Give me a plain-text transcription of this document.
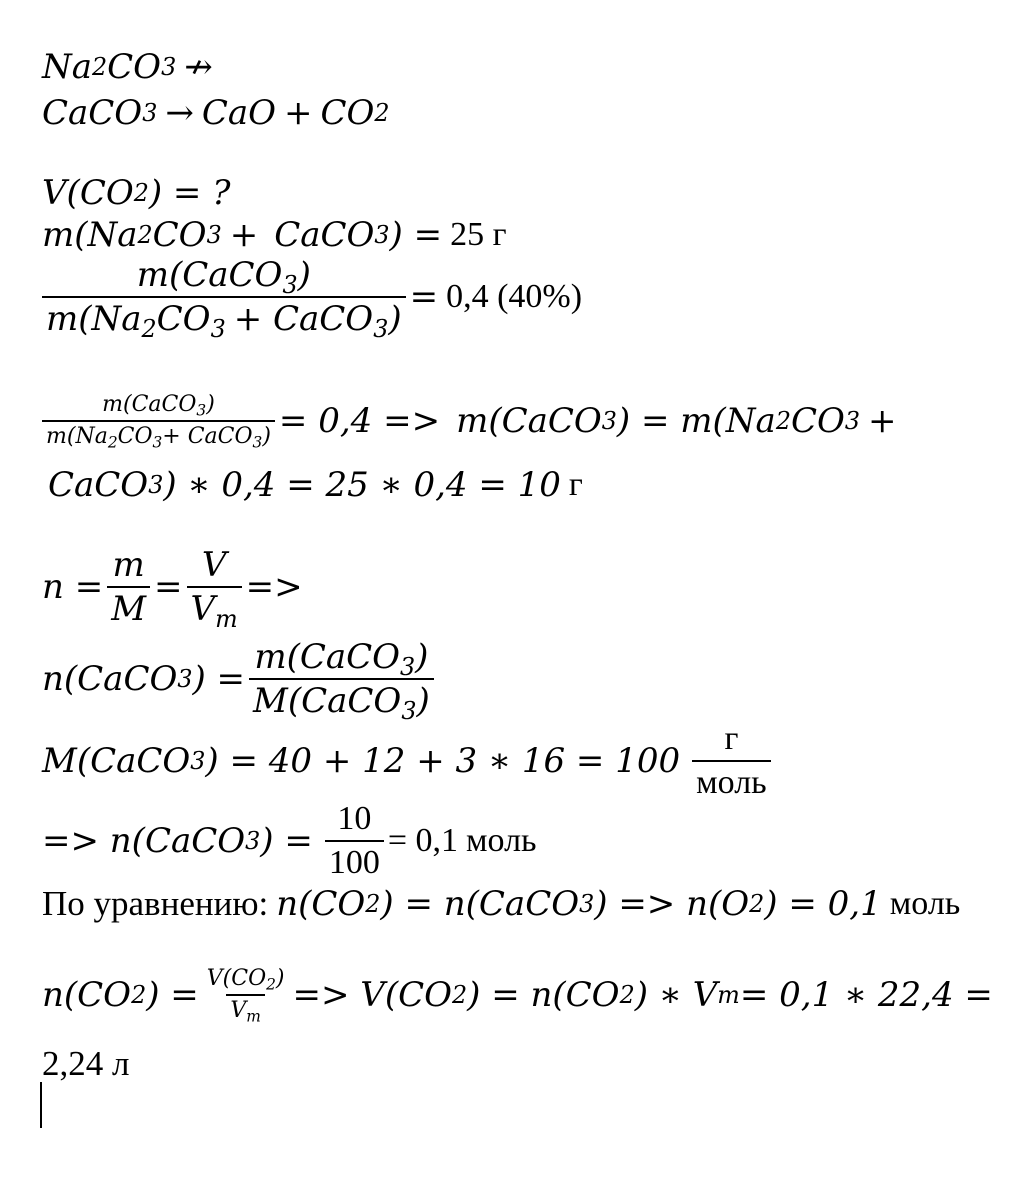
Na 2 CO 3 ↛
CaCO 3 → CaO + CO 2
V(CO 2 ) = ?
m(Na 2 CO 3 + CaCO 3 ) = 25 г
$\frac{m(CaCO_3)}{m(Na_2CO_3 + CaCO_3)} = 0,4$ (40%)
$\frac{m(CaCO_3)}{m(Na_2CO_3+ CaCO_3)} = 0,4$ => m(CaCO 3 ) = m(Na 2 CO 3 +
CaCO 3 ) ∗ 0,4 = 25 ∗ 0,4 = 10 г
$n = \frac{m}{M} = \frac{V}{V_m}$ =>
n(CaCO 3 ) = $\frac{m(CaCO_3)}{M(CaCO_3)}$
M(CaCO 3 ) = 40 + 12 + 3 ∗ $16 = 100 \frac{г}{\text{моль}}$
=> n(CaCO 3 ) = $\frac{10}{100} = 0,1$ моль
По уравнению: n(CO 2 ) = n(CaCO 3 ) => n(O 2 ) = 0,1 моль
n(CO 2 ) = $\frac{V(CO_2)}{V_m} => V(CO$ 2 ) = n(CO 2 ) ∗ V m = 0,1 ∗ 22,4 =
2,24 л
